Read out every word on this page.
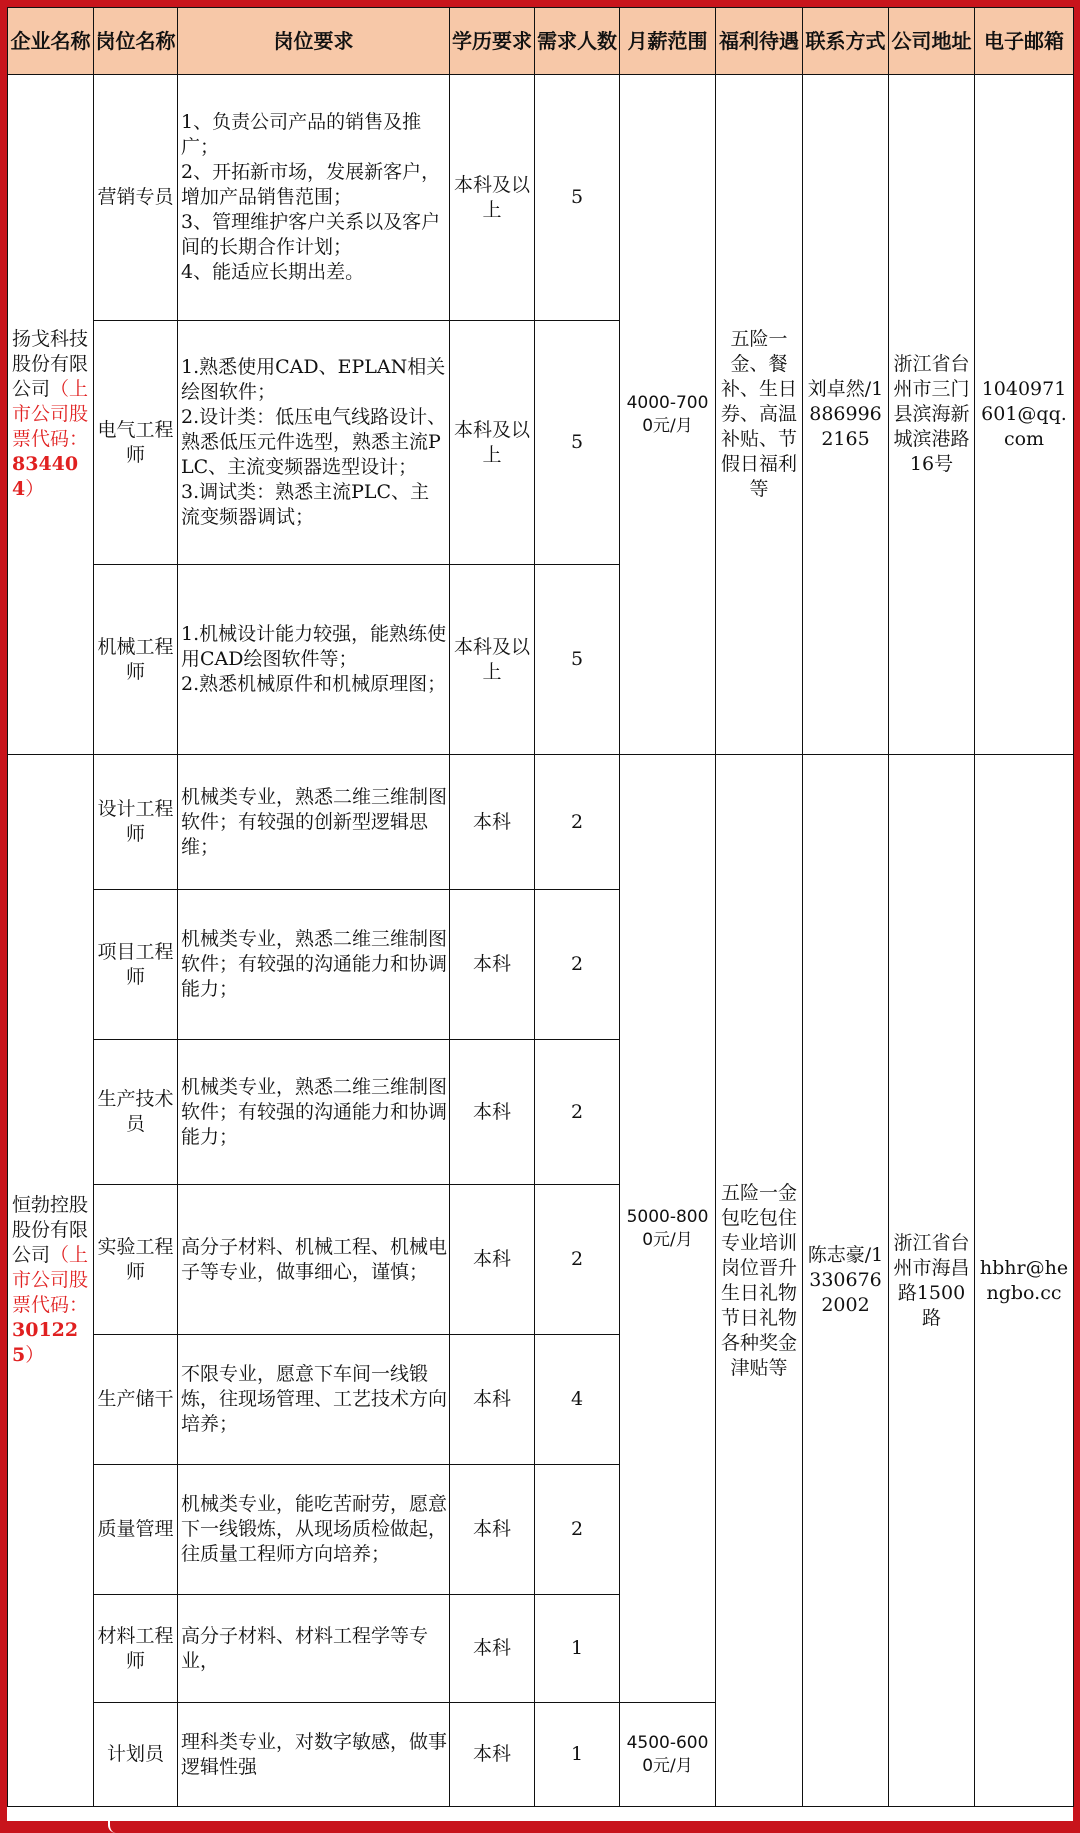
企业名称	岗位名称	岗位要求	学历要求	需求人数	月薪范围	福利待遇	联系方式	公司地址	电子邮箱
扬戈科技股份有限公司（上市公司股票代码：834404）	营销专员	1、负责公司产品的销售及推广；
2、开拓新市场，发展新客户，增加产品销售范围；
3、管理维护客户关系以及客户间的长期合作计划；
4、能适应长期出差。	本科及以上	5	4000-7000元/月	五险一金、餐补、生日券、高温补贴、节假日福利等	刘卓然/18869962165	浙江省台州市三门县滨海新城滨港路16号	1040971601@qq.com
	电气工程师	1.熟悉使用CAD、EPLAN相关绘图软件；
2.设计类：低压电气线路设计、熟悉低压元件选型，熟悉主流PLC、主流变频器选型设计；
3.调试类：熟悉主流PLC、主流变频器调试；	本科及以上	5					
	机械工程师	1.机械设计能力较强，能熟练使用CAD绘图软件等；
2.熟悉机械原件和机械原理图；	本科及以上	5					
恒勃控股股份有限公司（上市公司股票代码：301225）	设计工程师	机械类专业，熟悉二维三维制图软件；有较强的创新型逻辑思维；	本科	2	5000-8000元/月	五险一金包吃包住专业培训岗位晋升生日礼物节日礼物各种奖金津贴等	陈志豪/13306762002	浙江省台州市海昌路1500路	hbhr@hengbo.cc
	项目工程师	机械类专业，熟悉二维三维制图软件；有较强的沟通能力和协调能力；	本科	2					
	生产技术员	机械类专业，熟悉二维三维制图软件；有较强的沟通能力和协调能力；	本科	2					
	实验工程师	高分子材料、机械工程、机械电子等专业，做事细心，谨慎；	本科	2					
	生产储干	不限专业，愿意下车间一线锻炼，往现场管理、工艺技术方向培养；	本科	4					
	质量管理	机械类专业，能吃苦耐劳，愿意下一线锻炼，从现场质检做起，往质量工程师方向培养；	本科	2					
	材料工程师	高分子材料、材料工程学等专业，	本科	1					
	计划员	理科类专业，对数字敏感，做事逻辑性强	本科	1	4500-6000元/月				
